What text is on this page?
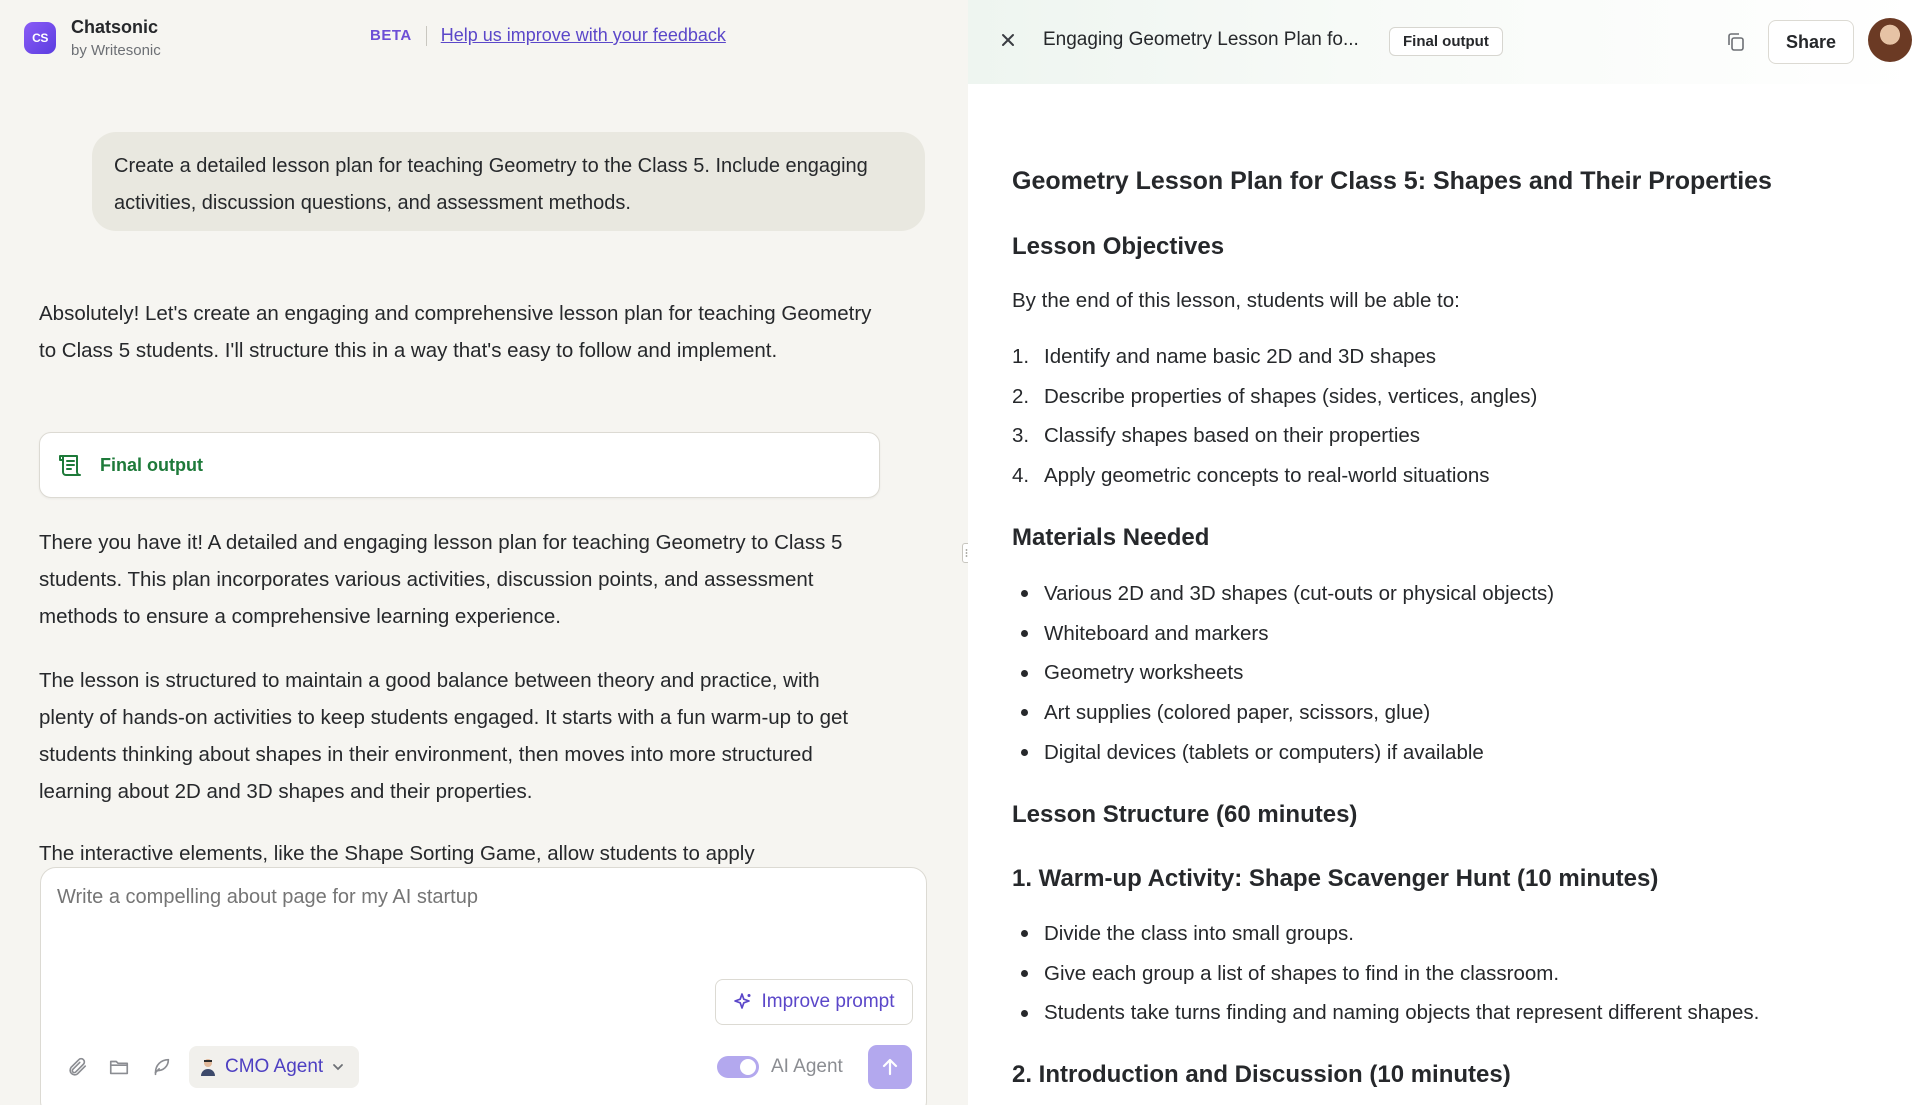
CS
Chatsonic
by Writesonic
BETA Help us improve with your feedback
Create a detailed lesson plan for teaching Geometry to the Class 5. Include engaging activities, discussion questions, and assessment methods.
Absolutely! Let's create an engaging and comprehensive lesson plan for teaching Geometry to Class 5 students. I'll structure this in a way that's easy to follow and implement.
Final output
There you have it! A detailed and engaging lesson plan for teaching Geometry to Class 5 students. This plan incorporates various activities, discussion points, and assessment methods to ensure a comprehensive learning experience.
The lesson is structured to maintain a good balance between theory and practice, with plenty of hands-on activities to keep students engaged. It starts with a fun warm-up to get students thinking about shapes in their environment, then moves into more structured learning about 2D and 3D shapes and their properties.
The interactive elements, like the Shape Sorting Game, allow students to apply
Write a compelling about page for my AI startup
Improve prompt
CMO Agent	AI Agent
Engaging Geometry Lesson Plan fo...	Final output	Share
Geometry Lesson Plan for Class 5: Shapes and Their Properties
Lesson Objectives
By the end of this lesson, students will be able to:
1. Identify and name basic 2D and 3D shapes
2. Describe properties of shapes (sides, vertices, angles)
3. Classify shapes based on their properties
4. Apply geometric concepts to real-world situations
Materials Needed
Various 2D and 3D shapes (cut-outs or physical objects)
Whiteboard and markers
Geometry worksheets
Art supplies (colored paper, scissors, glue)
Digital devices (tablets or computers) if available
Lesson Structure (60 minutes)
1. Warm-up Activity: Shape Scavenger Hunt (10 minutes)
Divide the class into small groups.
Give each group a list of shapes to find in the classroom.
Students take turns finding and naming objects that represent different shapes.
2. Introduction and Discussion (10 minutes)
